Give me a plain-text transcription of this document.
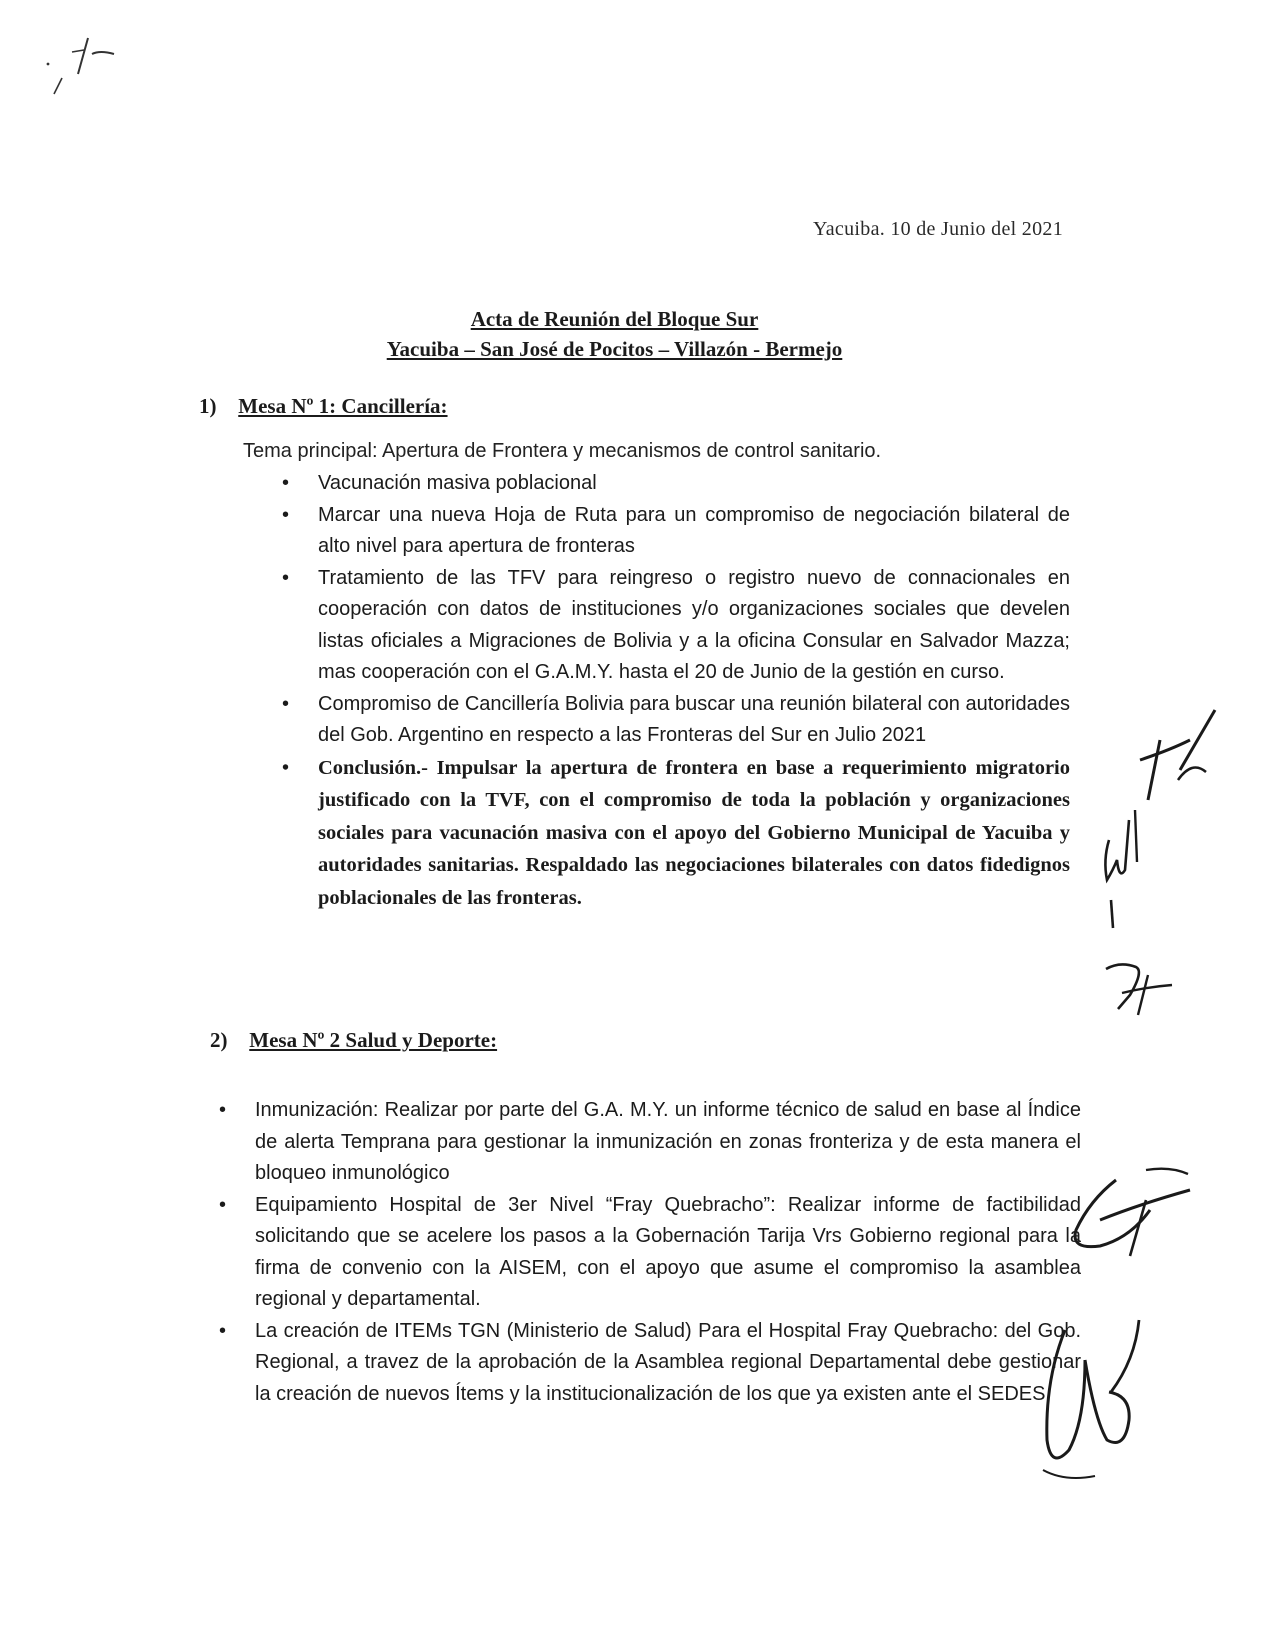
Yacuiba. 10 de Junio del 2021
Acta de Reunión del Bloque Sur
Yacuiba – San José de Pocitos – Villazón - Bermejo
1) Mesa Nº 1: Cancillería:
Tema principal: Apertura de Frontera y mecanismos de control sanitario.
• Vacunación masiva poblacional
• Marcar una nueva Hoja de Ruta para un compromiso de negociación bilateral de alto nivel para apertura de fronteras
• Tratamiento de las TFV para reingreso o registro nuevo de connacionales en cooperación con datos de instituciones y/o organizaciones sociales que develen listas oficiales a Migraciones de Bolivia y a la oficina Consular en Salvador Mazza; mas cooperación con el G.A.M.Y. hasta el 20 de Junio de la gestión en curso.
• Compromiso de Cancillería Bolivia para buscar una reunión bilateral con autoridades del Gob. Argentino en respecto a las Fronteras del Sur en Julio 2021
• Conclusión.- Impulsar la apertura de frontera en base a requerimiento migratorio justificado con la TVF, con el compromiso de toda la población y organizaciones sociales para vacunación masiva con el apoyo del Gobierno Municipal de Yacuiba y autoridades sanitarias. Respaldado las negociaciones bilaterales con datos fidedignos poblacionales de las fronteras.
2) Mesa Nº 2 Salud y Deporte:
• Inmunización: Realizar por parte del G.A. M.Y. un informe técnico de salud en base al Índice de alerta Temprana para gestionar la inmunización en zonas fronteriza y de esta manera el bloqueo inmunológico
• Equipamiento Hospital de 3er Nivel “Fray Quebracho”: Realizar informe de factibilidad solicitando que se acelere los pasos a la Gobernación Tarija Vrs Gobierno regional para la firma de convenio con la AISEM, con el apoyo que asume el compromiso la asamblea regional y departamental.
• La creación de ITEMs TGN (Ministerio de Salud) Para el Hospital Fray Quebracho: del Gob. Regional, a travez de la aprobación de la Asamblea regional Departamental debe gestionar la creación de nuevos Ítems y la institucionalización de los que ya existen ante el SEDES.
